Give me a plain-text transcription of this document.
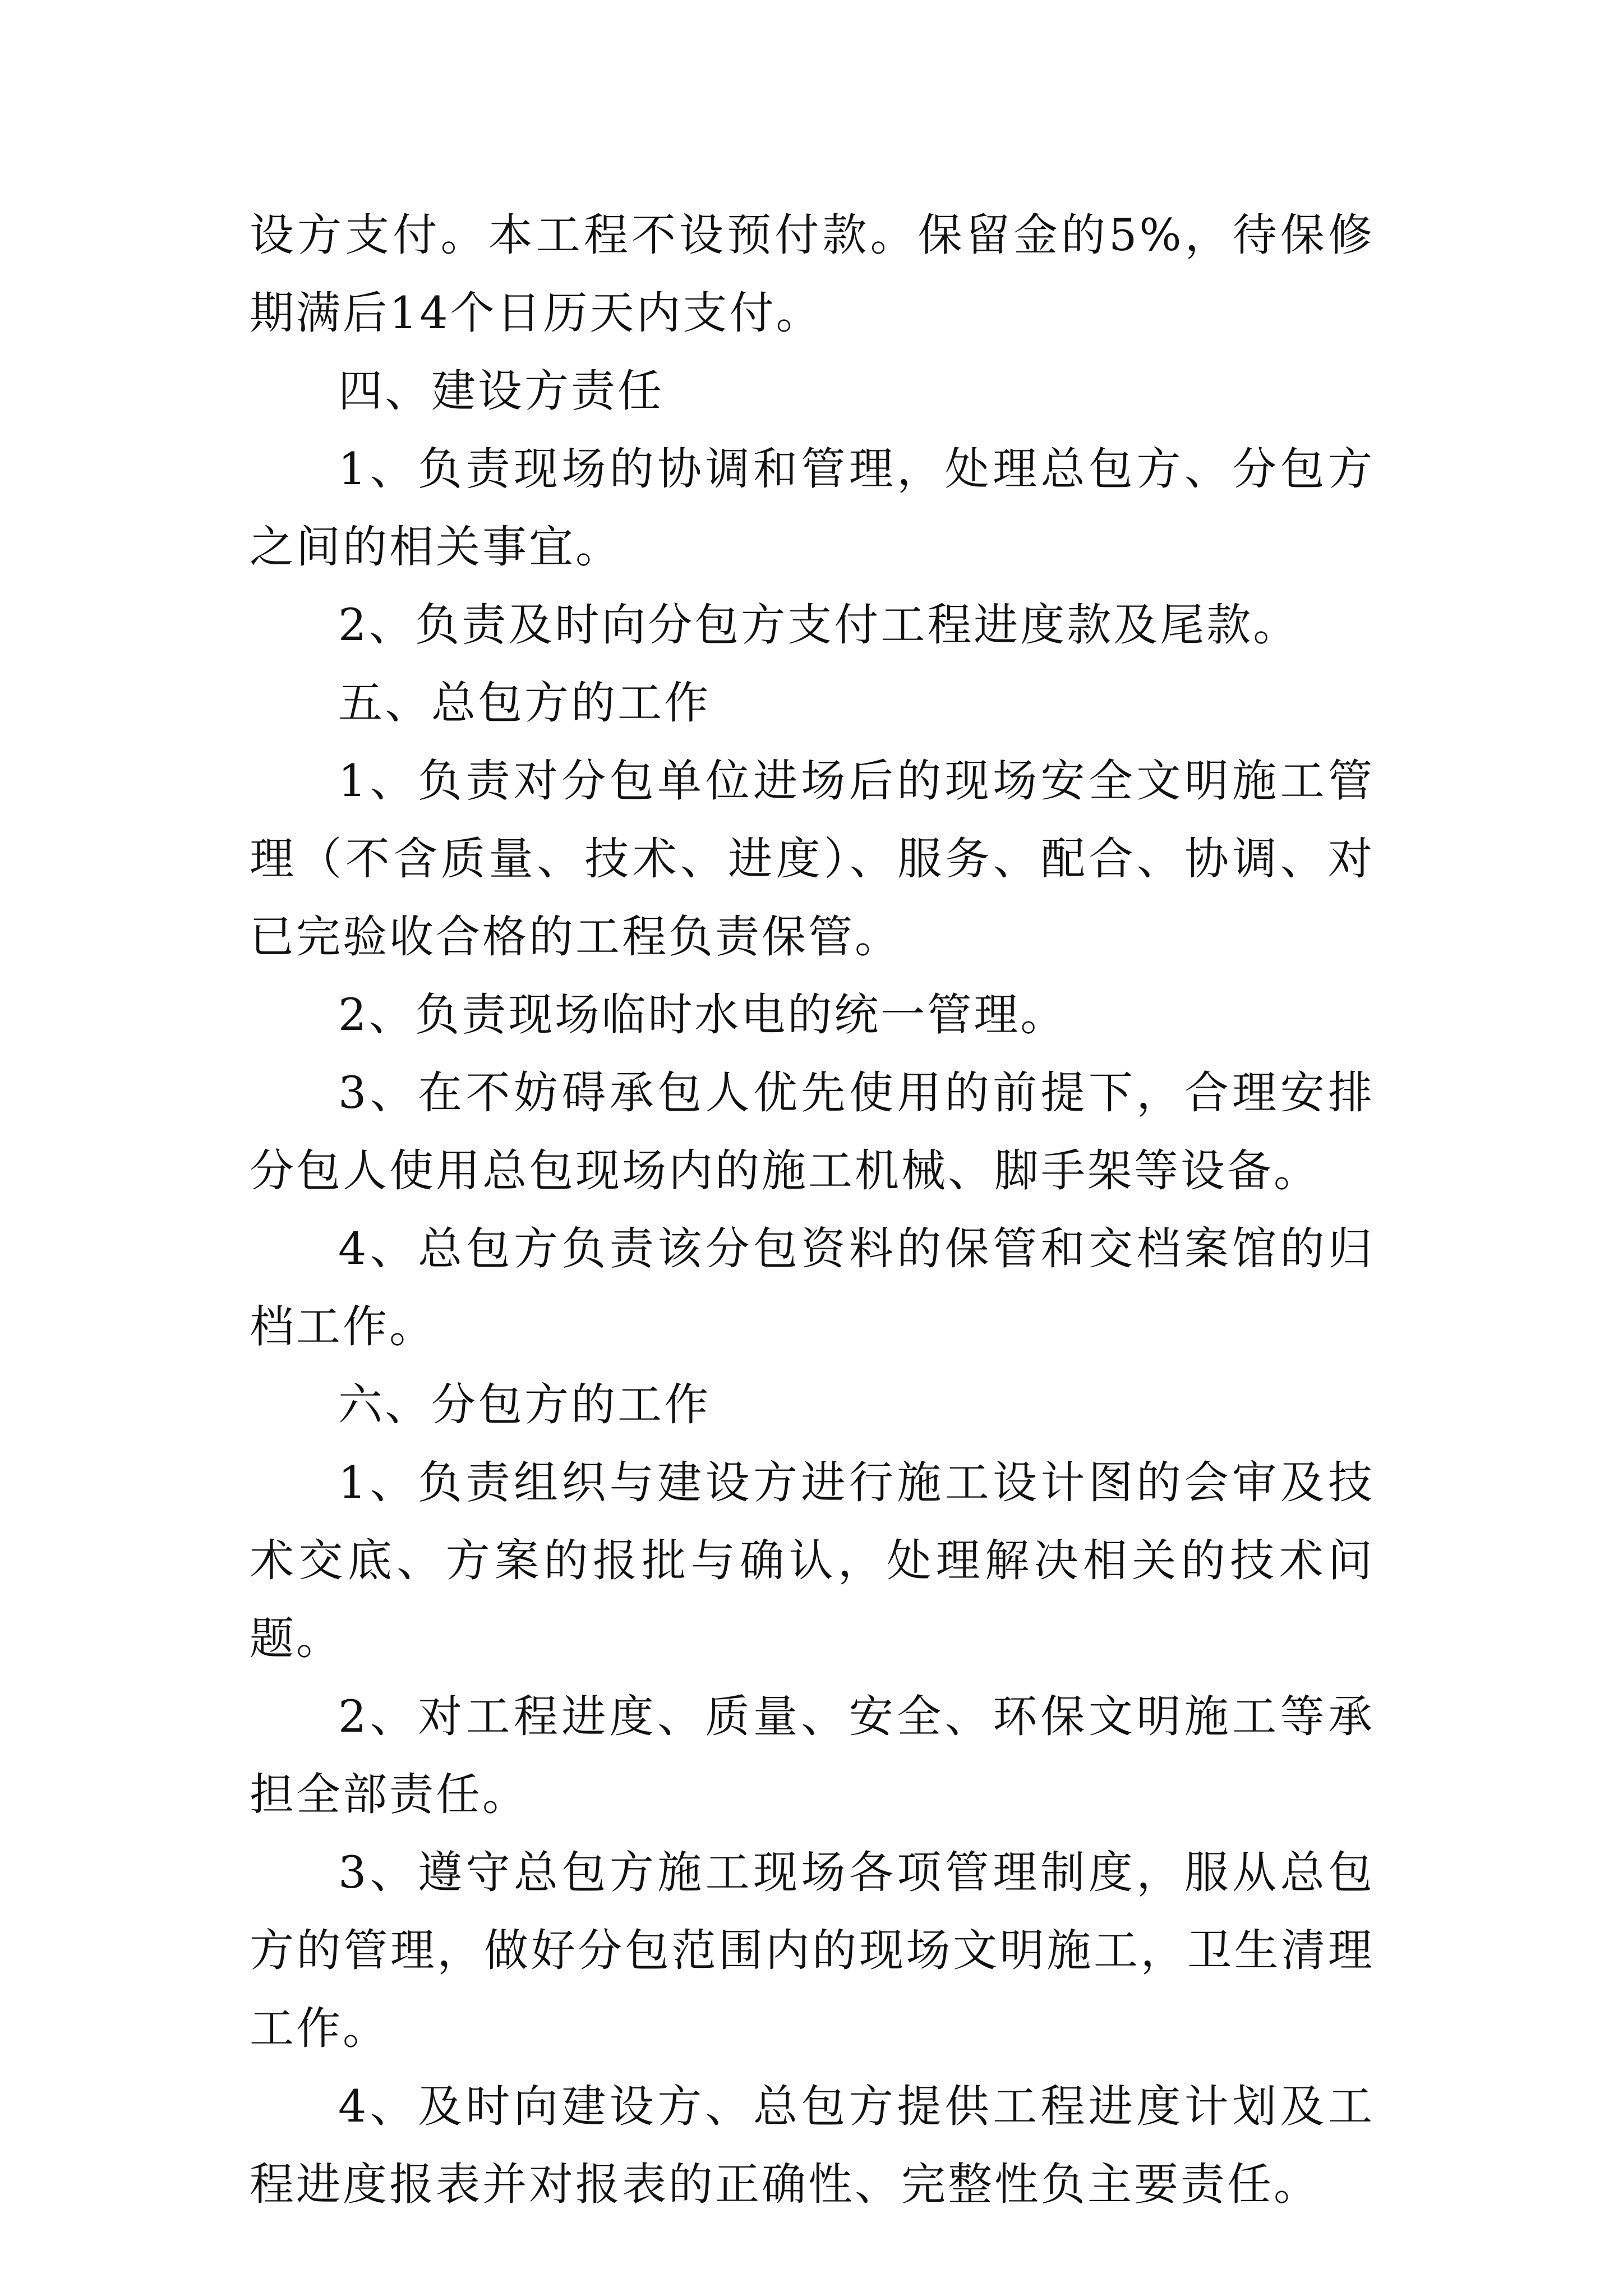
设方支付。本工程不设预付款。保留金的5%，待保修期满后14个日历天内支付。

四、建设方责任

1、负责现场的协调和管理，处理总包方、分包方之间的相关事宜。

2、负责及时向分包方支付工程进度款及尾款。

五、总包方的工作

1、负责对分包单位进场后的现场安全文明施工管理（不含质量、技术、进度）、服务、配合、协调、对已完验收合格的工程负责保管。

2、负责现场临时水电的统一管理。

3、在不妨碍承包人优先使用的前提下，合理安排分包人使用总包现场内的施工机械、脚手架等设备。

4、总包方负责该分包资料的保管和交档案馆的归档工作。

六、分包方的工作

1、负责组织与建设方进行施工设计图的会审及技术交底、方案的报批与确认，处理解决相关的技术问题。

2、对工程进度、质量、安全、环保文明施工等承担全部责任。

3、遵守总包方施工现场各项管理制度，服从总包方的管理，做好分包范围内的现场文明施工，卫生清理工作。

4、及时向建设方、总包方提供工程进度计划及工程进度报表并对报表的正确性、完整性负主要责任。
